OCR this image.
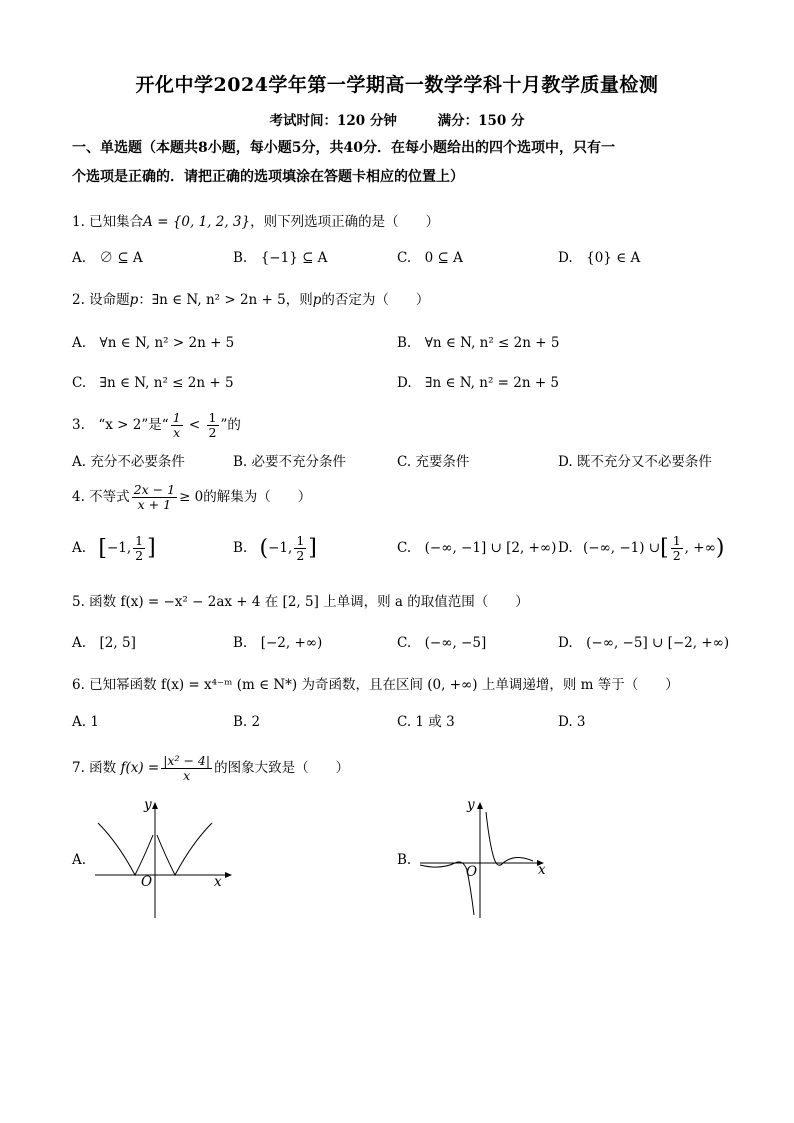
开化中学2024学年第一学期高一数学学科十月教学质量检测
考试时间：120 分钟	满分：150 分
一、单选题（本题共8小题，每小题5分，共40分．在每小题给出的四个选项中，只有一
个选项是正确的．请把正确的选项填涂在答题卡相应的位置上）
1. 已知集合A = {0, 1, 2, 3}，则下列选项正确的是（　　）
A.　∅ ⊆ A	B.　{−1} ⊆ A	C.　0 ⊆ A	D.　{0} ∈ A
2. 设命题p：∃n ∈ N, n² > 2n + 5，则p的否定为（　　）
A.　∀n ∈ N, n² > 2n + 5	B.　∀n ∈ N, n² ≤ 2n + 5
C.　∃n ∈ N, n² ≤ 2n + 5	D.　∃n ∈ N, n² = 2n + 5
3.　“x > 2”是“ $\frac{1}{x} < \frac{1}{2}$ ”的
A. 充分不必要条件	B. 必要不充分条件	C. 充要条件	D. 既不充分又不必要条件
4. 不等式 $\frac{2x - 1}{x + 1} \ge 0$的解集为（　　）
A. [−1, $\frac{1}{2}$ ]	B. (−1, $\frac{1}{2}$ ]	C.　(−∞, −1] ∪ [2, +∞) D. (−∞, −1) ∪[ $\frac{1}{2}$ , +∞)
5. 函数 f(x) = −x² − 2ax + 4 在 [2, 5] 上单调，则 a 的取值范围（　　）
A.　[2, 5]	B.　[−2, +∞)	C.　(−∞, −5]	D.　(−∞, −5] ∪ [−2, +∞)
6. 已知幂函数 f(x) = x⁴⁻ᵐ (m ∈ N*) 为奇函数，且在区间 (0, +∞) 上单调递增，则 m 等于（　　）
A. 1	B. 2	C. 1 或 3	D. 3
7. 函数 $f(x) = \frac{\text{|x² − 4|}}{x}$ 的图象大致是（　　）
A.
y
x
O
B.
y
x
O
